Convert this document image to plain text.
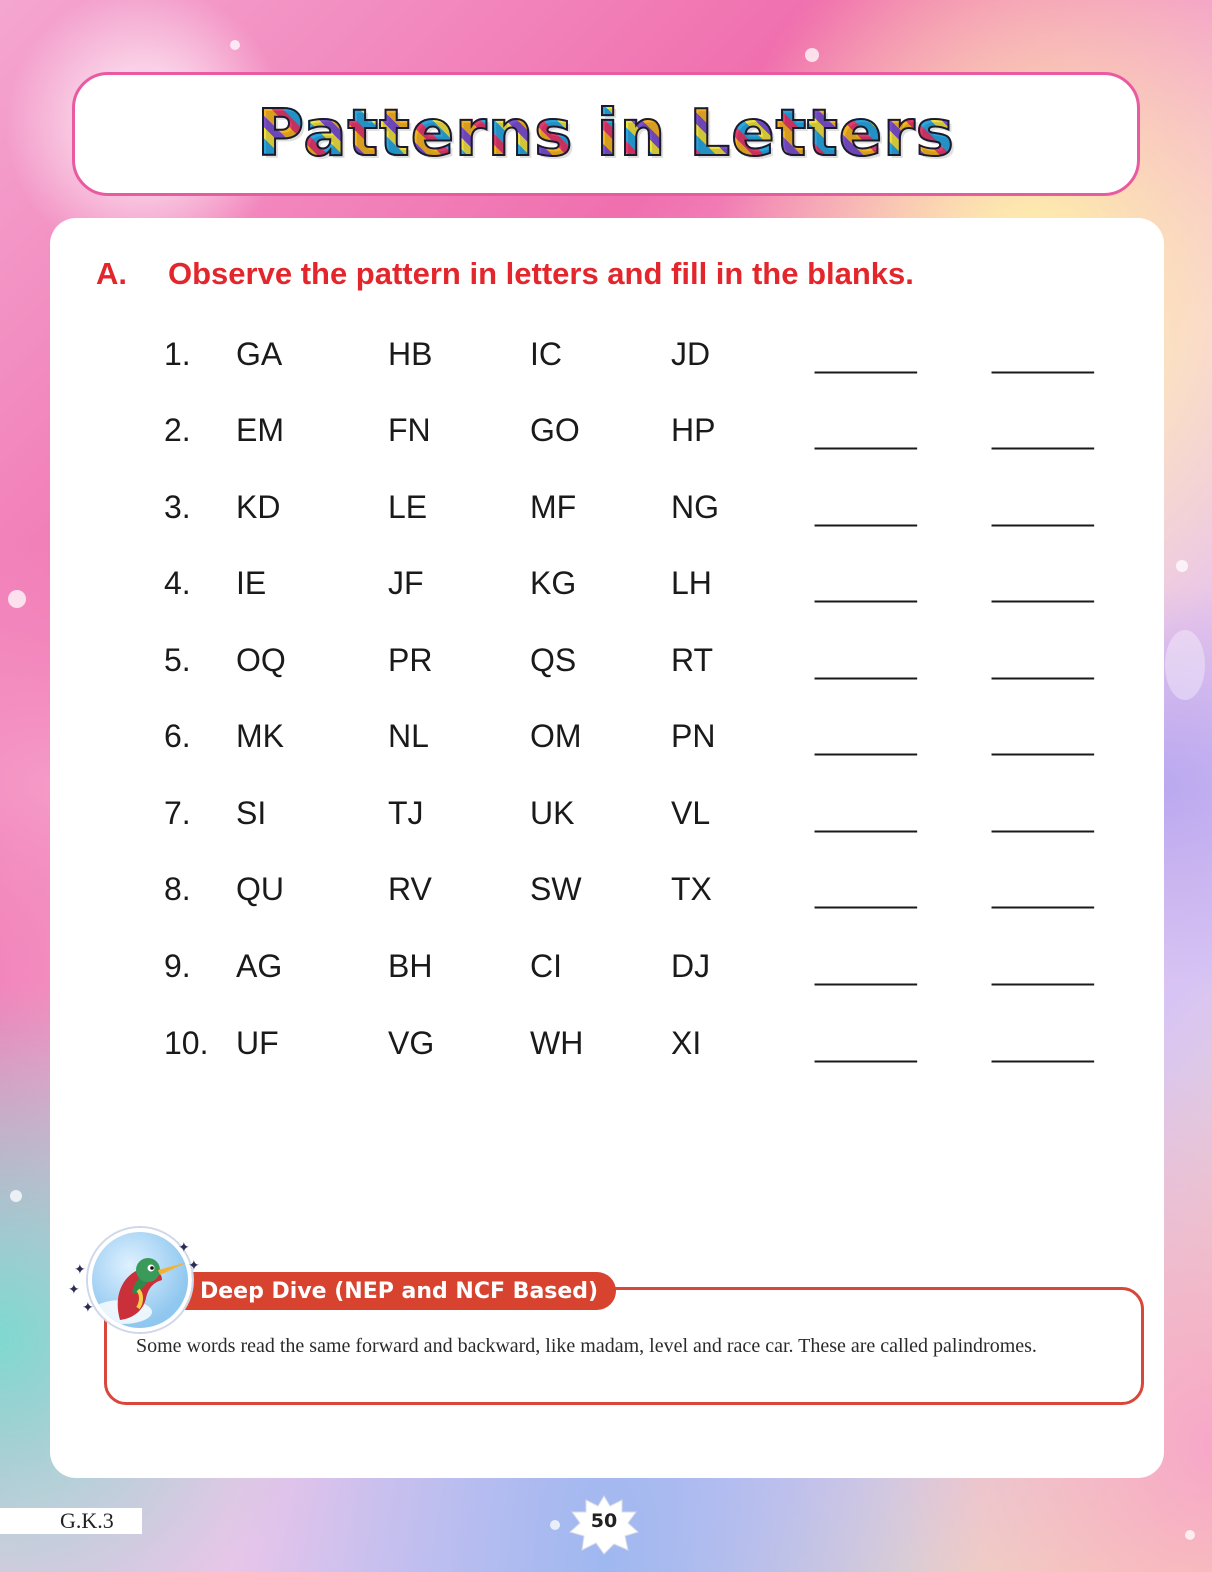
Patterns in Letters
A. Observe the pattern in letters and fill in the blanks.
1. GA	HB	IC	JD	______ ______
2. EM	FN	GO	HP	______ ______
3. KD	LE	MF	NG	______ ______
4. IE	JF	KG	LH	______ ______
5. OQ	PR	QS	RT	______ ______
6. MK	NL	OM	PN	______ ______
7. SI	TJ	UK	VL	______ ______
8. QU	RV	SW	TX	______ ______
9. AG	BH	CI	DJ	______ ______
10. UF	VG	WH	XI	______ ______
Deep Dive (NEP and NCF Based)
Some words read the same forward and backward, like madam, level and race car. These are called palindromes.
✦
✦
✦
✦
✦
G.K.3	50
